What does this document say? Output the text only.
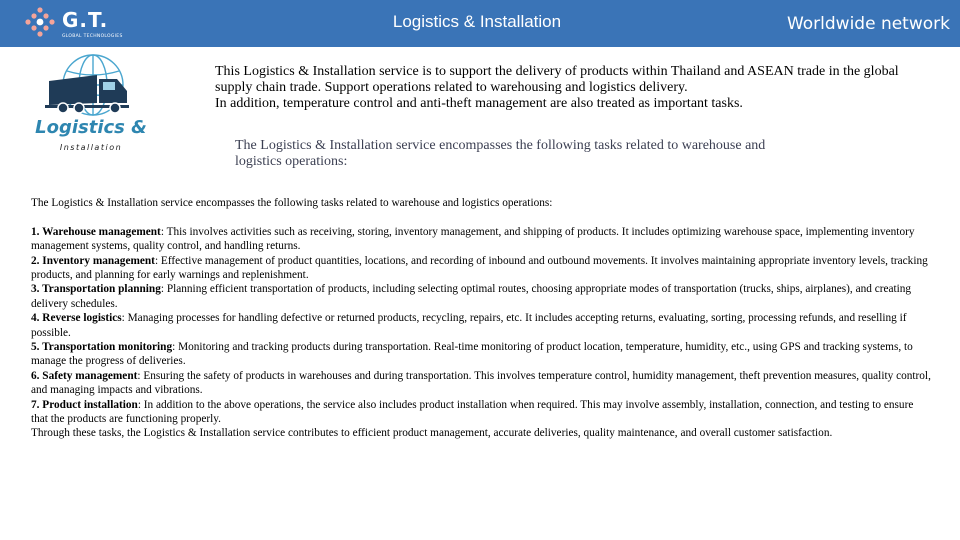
G.T.
GLOBAL TECHNOLOGIES
Logistics & Installation	Worldwide network
Logistics &
Installation

This Logistics & Installation service is to support the delivery of products within Thailand and ASEAN trade in the global supply chain trade. Support operations related to warehousing and logistics delivery.

In addition, temperature control and anti-theft management are also treated as important tasks.

The Logistics & Installation service encompasses the following tasks related to warehouse and logistics operations:

The Logistics & Installation service encompasses the following tasks related to warehouse and logistics operations:

1. Warehouse management: This involves activities such as receiving, storing, inventory management, and shipping of products. It includes optimizing warehouse space, implementing inventory management systems, quality control, and handling returns.

2. Inventory management: Effective management of product quantities, locations, and recording of inbound and outbound movements. It involves maintaining appropriate inventory levels, tracking products, and planning for early warnings and replenishment.

3. Transportation planning: Planning efficient transportation of products, including selecting optimal routes, choosing appropriate modes of transportation (trucks, ships, airplanes), and creating delivery schedules.

4. Reverse logistics: Managing processes for handling defective or returned products, recycling, repairs, etc. It includes accepting returns, evaluating, sorting, processing refunds, and reselling if possible.

5. Transportation monitoring: Monitoring and tracking products during transportation. Real-time monitoring of product location, temperature, humidity, etc., using GPS and tracking systems, to manage the progress of deliveries.

6. Safety management: Ensuring the safety of products in warehouses and during transportation. This involves temperature control, humidity management, theft prevention measures, quality control, and managing impacts and vibrations.

7. Product installation: In addition to the above operations, the service also includes product installation when required. This may involve assembly, installation, connection, and testing to ensure that the products are functioning properly.

Through these tasks, the Logistics & Installation service contributes to efficient product management, accurate deliveries, quality maintenance, and overall customer satisfaction.
